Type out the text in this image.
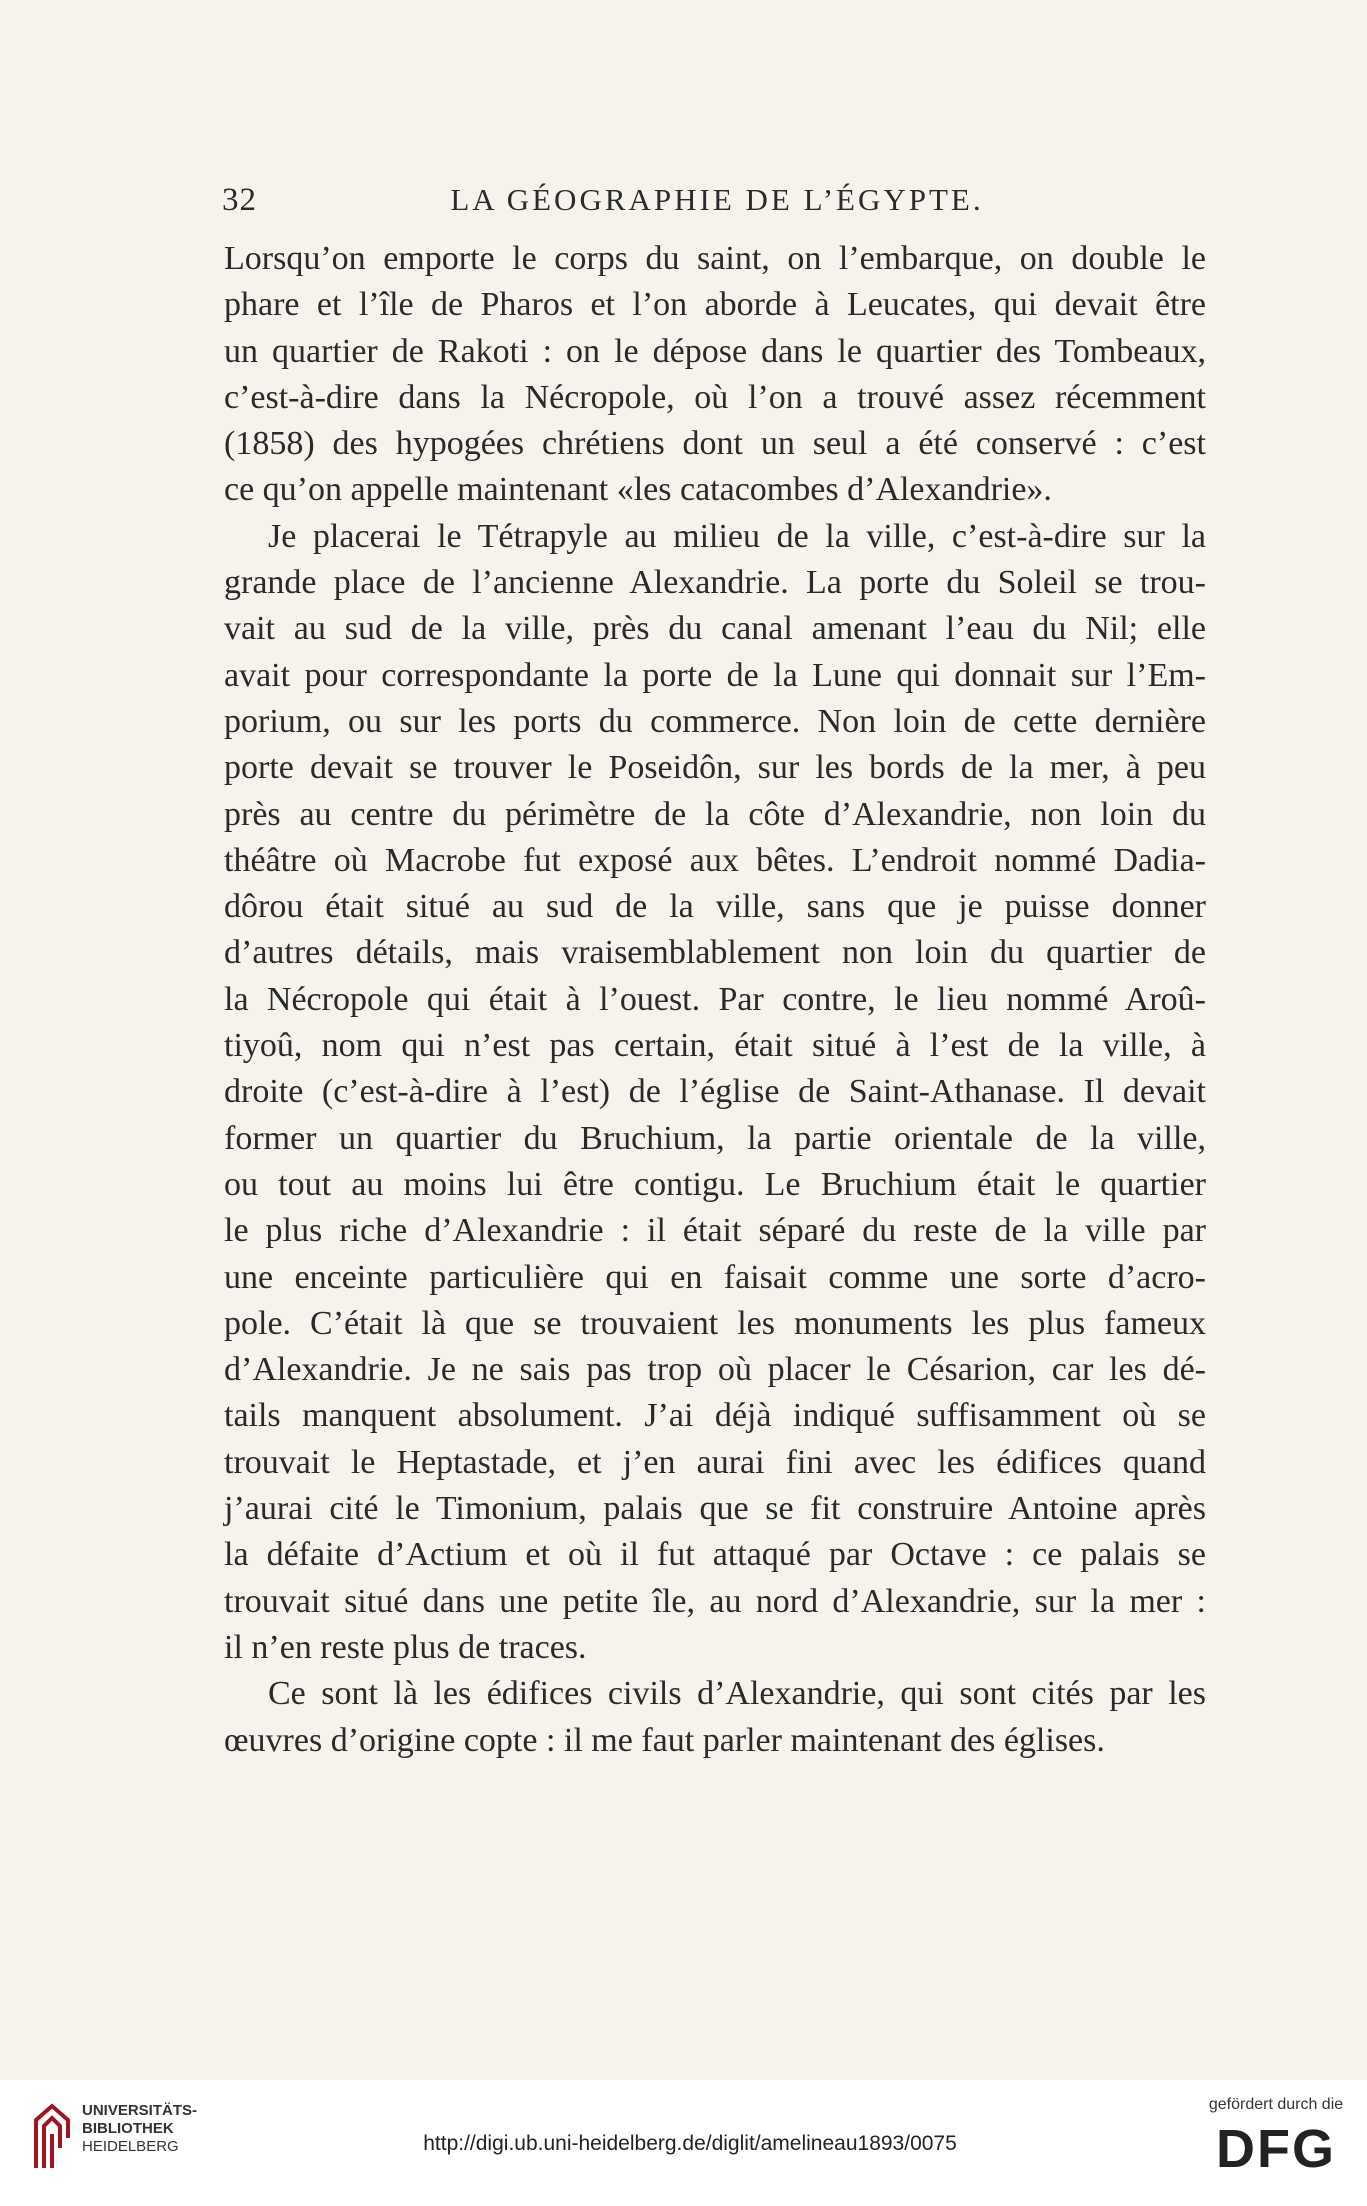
32	LA GÉOGRAPHIE DE L’ÉGYPTE.
Lorsqu’on emporte le corps du saint, on l’embarque, on double le
phare et l’île de Pharos et l’on aborde à Leucates, qui devait être
un quartier de Rakoti : on le dépose dans le quartier des Tombeaux,
c’est-à-dire dans la Nécropole, où l’on a trouvé assez récemment
(1858) des hypogées chrétiens dont un seul a été conservé : c’est
ce qu’on appelle maintenant «les catacombes d’Alexandrie».
Je placerai le Tétrapyle au milieu de la ville, c’est-à-dire sur la
grande place de l’ancienne Alexandrie. La porte du Soleil se trou-
vait au sud de la ville, près du canal amenant l’eau du Nil; elle
avait pour correspondante la porte de la Lune qui donnait sur l’Em-
porium, ou sur les ports du commerce. Non loin de cette dernière
porte devait se trouver le Poseidôn, sur les bords de la mer, à peu
près au centre du périmètre de la côte d’Alexandrie, non loin du
théâtre où Macrobe fut exposé aux bêtes. L’endroit nommé Dadia-
dôrou était situé au sud de la ville, sans que je puisse donner
d’autres détails, mais vraisemblablement non loin du quartier de
la Nécropole qui était à l’ouest. Par contre, le lieu nommé Aroû-
tiyoû, nom qui n’est pas certain, était situé à l’est de la ville, à
droite (c’est-à-dire à l’est) de l’église de Saint-Athanase. Il devait
former un quartier du Bruchium, la partie orientale de la ville,
ou tout au moins lui être contigu. Le Bruchium était le quartier
le plus riche d’Alexandrie : il était séparé du reste de la ville par
une enceinte particulière qui en faisait comme une sorte d’acro-
pole. C’était là que se trouvaient les monuments les plus fameux
d’Alexandrie. Je ne sais pas trop où placer le Césarion, car les dé-
tails manquent absolument. J’ai déjà indiqué suffisamment où se
trouvait le Heptastade, et j’en aurai fini avec les édifices quand
j’aurai cité le Timonium, palais que se fit construire Antoine après
la défaite d’Actium et où il fut attaqué par Octave : ce palais se
trouvait situé dans une petite île, au nord d’Alexandrie, sur la mer :
il n’en reste plus de traces.
Ce sont là les édifices civils d’Alexandrie, qui sont cités par les
œuvres d’origine copte : il me faut parler maintenant des églises.
UNIVERSITÄTS-
BIBLIOTHEK
HEIDELBERG	http://digi.ub.uni-heidelberg.de/diglit/amelineau1893/0075
gefördert durch die
DFG
